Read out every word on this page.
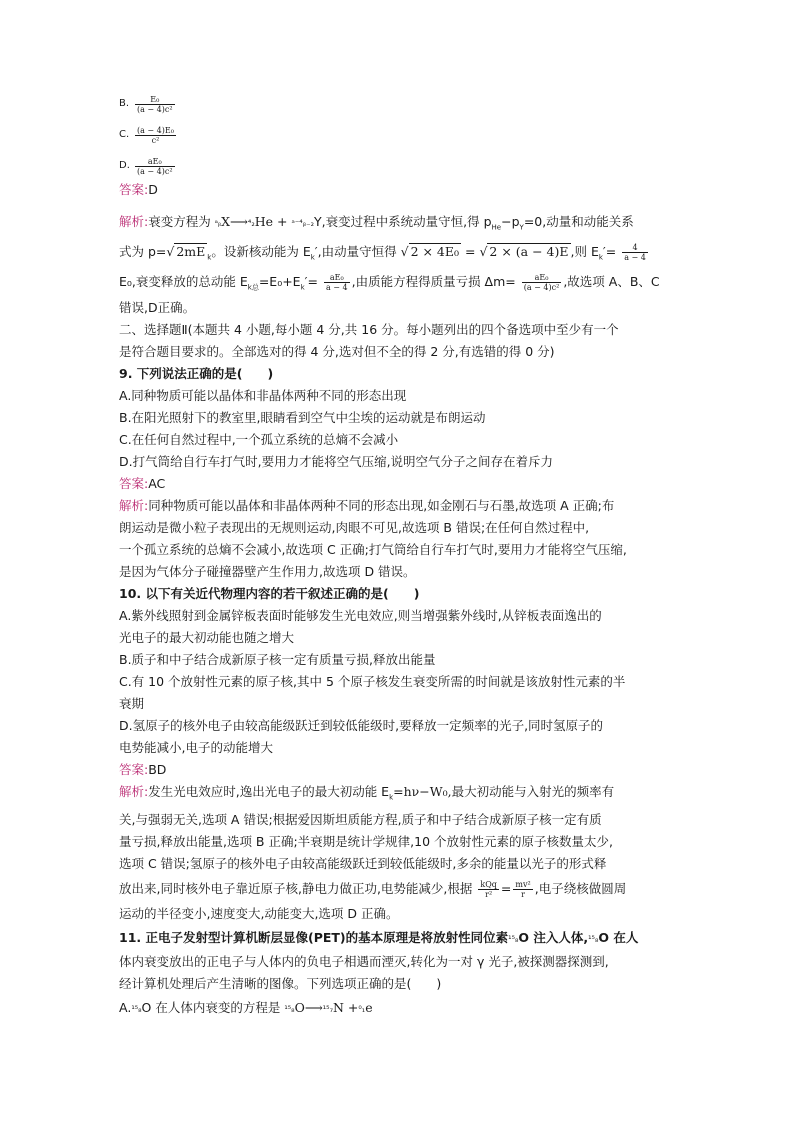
B. $\frac{\text{E₀}}{\text{(a − 4)c²}}$
C. $\frac{\text{(a − 4)E₀}}{\text{c²}}$
D. $\frac{\text{aE₀}}{\text{(a − 4)c²}}$
答案:D
解析:衰变方程为 ᵃᵦX⟶⁴₂He + ᵃ⁻⁴ᵦ₋₂Y,衰变过程中系统动量守恒,得 $p_{He}-p_Y=0$,动量和动能关系
式为 p=√ 2mE $_k$。设新核动能为 $E_k'$,由动量守恒得 √ 2 × 4E₀ = √ 2 × (a − 4)E ,则 $E_k'= \frac{4}{a - 4}$
E₀,衰变释放的总动能 $E_{k总}=E_0+E_k'= \frac{\text{aE₀}}{a - 4}$ ,由质能方程得质量亏损 $\Delta m= \frac{\text{aE₀}}{\text{(a − 4)c²}}$ ,故选项 A、B、C
错误,D正确。
二、选择题Ⅱ(本题共 4 小题,每小题 4 分,共 16 分。每小题列出的四个备选项中至少有一个
是符合题目要求的。全部选对的得 4 分,选对但不全的得 2 分,有选错的得 0 分)
9. 下列说法正确的是(　　)
A.同种物质可能以晶体和非晶体两种不同的形态出现
B.在阳光照射下的教室里,眼睛看到空气中尘埃的运动就是布朗运动
C.在任何自然过程中,一个孤立系统的总熵不会减小
D.打气筒给自行车打气时,要用力才能将空气压缩,说明空气分子之间存在着斥力
答案:AC
解析:同种物质可能以晶体和非晶体两种不同的形态出现,如金刚石与石墨,故选项 A 正确;布
朗运动是微小粒子表现出的无规则运动,肉眼不可见,故选项 B 错误;在任何自然过程中,
一个孤立系统的总熵不会减小,故选项 C 正确;打气筒给自行车打气时,要用力才能将空气压缩,
是因为气体分子碰撞器壁产生作用力,故选项 D 错误。
10. 以下有关近代物理内容的若干叙述正确的是(　　)
A.紫外线照射到金属锌板表面时能够发生光电效应,则当增强紫外线时,从锌板表面逸出的
光电子的最大初动能也随之增大
B.质子和中子结合成新原子核一定有质量亏损,释放出能量
C.有 10 个放射性元素的原子核,其中 5 个原子核发生衰变所需的时间就是该放射性元素的半
衰期
D.氢原子的核外电子由较高能级跃迁到较低能级时,要释放一定频率的光子,同时氢原子的
电势能减小,电子的动能增大
答案:BD
解析:发生光电效应时,逸出光电子的最大初动能 $E_k=h\nu-W_0$,最大初动能与入射光的频率有
关,与强弱无关,选项 A 错误;根据爱因斯坦质能方程,质子和中子结合成新原子核一定有质
量亏损,释放出能量,选项 B 正确;半衰期是统计学规律,10 个放射性元素的原子核数量太少,
选项 C 错误;氢原子的核外电子由较高能级跃迁到较低能级时,多余的能量以光子的形式释
放出来,同时核外电子靠近原子核,静电力做正功,电势能减少,根据 $\frac{\text{kQq}}{\text{r²}} = \frac{\text{mv²}}{r}$ ,电子绕核做圆周
运动的半径变小,速度变大,动能变大,选项 D 正确。
11. 正电子发射型计算机断层显像(PET)的基本原理是将放射性同位素¹⁵₈O 注入人体,¹⁵₈O 在人
体内衰变放出的正电子与人体内的负电子相遇而湮灭,转化为一对 γ 光子,被探测器探测到,
经计算机处理后产生清晰的图像。下列选项正确的是(　　)
A.¹⁵₈O 在人体内衰变的方程是 ¹⁵₈O⟶¹⁵₇N +⁰₁e
